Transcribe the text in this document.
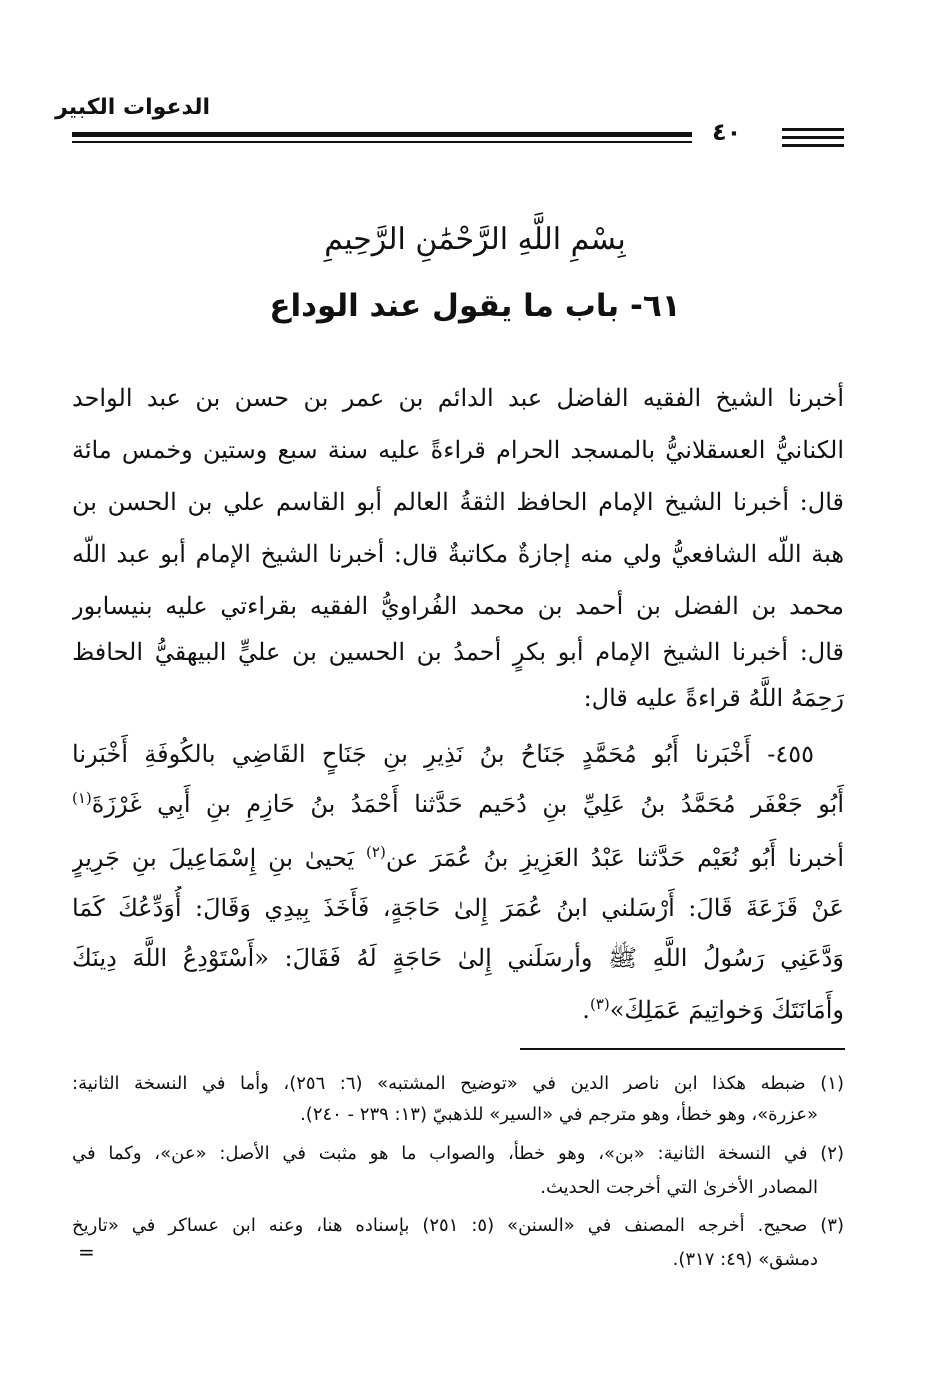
الدعوات الكبير
٤٠
بِسْمِ اللَّهِ الرَّحْمَٰنِ الرَّحِيمِ
٦١- باب ما يقول عند الوداع
أخبرنا الشيخ الفقيه الفاضل عبد الدائم بن عمر بن حسن بن عبد الواحد
الكنانيُّ العسقلانيُّ بالمسجد الحرام قراءةً عليه سنة سبع وستين وخمس مائة
قال: أخبرنا الشيخ الإمام الحافظ الثقةُ العالم أبو القاسم علي بن الحسن بن
هبة اللّه الشافعيُّ ولي منه إجازةٌ مكاتبةٌ قال: أخبرنا الشيخ الإمام أبو عبد اللّه
محمد بن الفضل بن أحمد بن محمد الفُراويُّ الفقيه بقراءتي عليه بنيسابور
قال: أخبرنا الشيخ الإمام أبو بكرٍ أحمدُ بن الحسين بن عليٍّ البيهقيُّ الحافظ
رَحِمَهُ اللَّهُ قراءةً عليه قال:
٤٥٥- أَخْبَرنا أَبُو مُحَمَّدٍ جَنَاحُ بنُ نَذِيرِ بنِ جَنَاحٍ القَاضِي بالكُوفَةِ أَخْبَرنا
أَبُو جَعْفَر مُحَمَّدُ بنُ عَلِيِّ بنِ دُحَيم حَدَّثنا أَحْمَدُ بنُ حَازِمِ بنِ أَبِي غَرْزَةَ$^{(١)}$
أخبرنا أَبُو نُعَيْم حَدَّثنا عَبْدُ العَزِيزِ بنُ عُمَرَ عن$^{(٢)}$ يَحيىٰ بنِ إِسْمَاعِيلَ بنِ جَرِيرٍ
عَنْ قَزَعَةَ قَالَ: أَرْسَلني ابنُ عُمَرَ إِلىٰ حَاجَةٍ، فَأَخَذَ بِيدِي وَقَالَ: أُوَدِّعُكَ كَمَا
وَدَّعَنِي رَسُولُ اللَّهِ ﷺ وأرسَلَني إِلىٰ حَاجَةٍ لَهُ فَقَالَ: «أَسْتَوْدِعُ اللَّهَ دِينَكَ
وأَمَانَتَكَ وَخواتِيمَ عَمَلِكَ»$^{(٣)}$.
(١) ضبطه هكذا ابن ناصر الدين في «توضيح المشتبه» (٦: ٢٥٦)، وأما في النسخة الثانية:
«عزرة»، وهو خطأ، وهو مترجم في «السير» للذهبيّ (١٣: ٢٣٩ - ٢٤٠).
(٢) في النسخة الثانية: «بن»، وهو خطأ، والصواب ما هو مثبت في الأصل: «عن»، وكما في
المصادر الأخرىٰ التي أخرجت الحديث.
(٣) صحيح. أخرجه المصنف في «السنن» (٥: ٢٥١) بإسناده هنا، وعنه ابن عساكر في «تاريخ
دمشق» (٤٩: ٣١٧).
=
